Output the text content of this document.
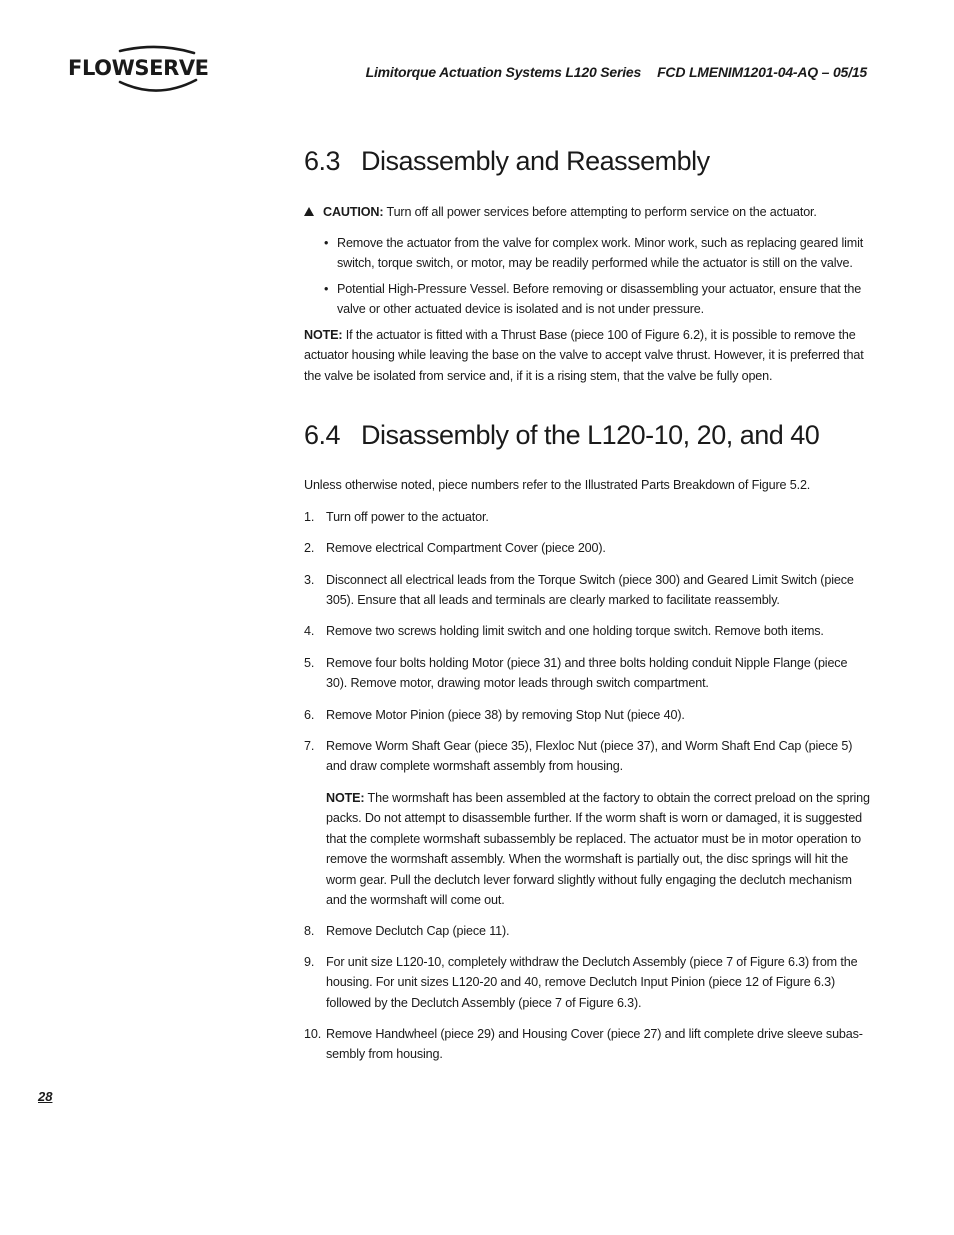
FLOWSERVE	Limitorque Actuation Systems L120 Series FCD LMENIM1201-04-AQ – 05/15
6.3 Disassembly and Reassembly
CAUTION: Turn off all power services before attempting to perform service on the actuator.
• Remove the actuator from the valve for complex work. Minor work, such as replacing geared limit switch, torque switch, or motor, may be readily performed while the actuator is still on the valve.
• Potential High-Pressure Vessel. Before removing or disassembling your actuator, ensure that the valve or other actuated device is isolated and is not under pressure.
NOTE: If the actuator is fitted with a Thrust Base (piece 100 of Figure 6.2), it is possible to remove the actuator housing while leaving the base on the valve to accept valve thrust. However, it is preferred that the valve be isolated from service and, if it is a rising stem, that the valve be fully open.
6.4 Disassembly of the L120-10, 20, and 40
Unless otherwise noted, piece numbers refer to the Illustrated Parts Breakdown of Figure 5.2.
1. Turn off power to the actuator.
2. Remove electrical Compartment Cover (piece 200).
3. Disconnect all electrical leads from the Torque Switch (piece 300) and Geared Limit Switch (piece 305). Ensure that all leads and terminals are clearly marked to facilitate reassembly.
4. Remove two screws holding limit switch and one holding torque switch. Remove both items.
5. Remove four bolts holding Motor (piece 31) and three bolts holding conduit Nipple Flange (piece 30). Remove motor, drawing motor leads through switch compartment.
6. Remove Motor Pinion (piece 38) by removing Stop Nut (piece 40).
7. Remove Worm Shaft Gear (piece 35), Flexloc Nut (piece 37), and Worm Shaft End Cap (piece 5) and draw complete wormshaft assembly from housing.
NOTE: The wormshaft has been assembled at the factory to obtain the correct preload on the spring packs. Do not attempt to disassemble further. If the worm shaft is worn or damaged, it is suggested that the complete wormshaft subassembly be replaced. The actuator must be in motor operation to remove the wormshaft assembly. When the wormshaft is partially out, the disc springs will hit the worm gear. Pull the declutch lever forward slightly without fully engaging the declutch mechanism and the wormshaft will come out.
8. Remove Declutch Cap (piece 11).
9. For unit size L120-10, completely withdraw the Declutch Assembly (piece 7 of Figure 6.3) from the housing. For unit sizes L120-20 and 40, remove Declutch Input Pinion (piece 12 of Figure 6.3) followed by the Declutch Assembly (piece 7 of Figure 6.3).
10. Remove Handwheel (piece 29) and Housing Cover (piece 27) and lift complete drive sleeve subas-sembly from housing.
28
